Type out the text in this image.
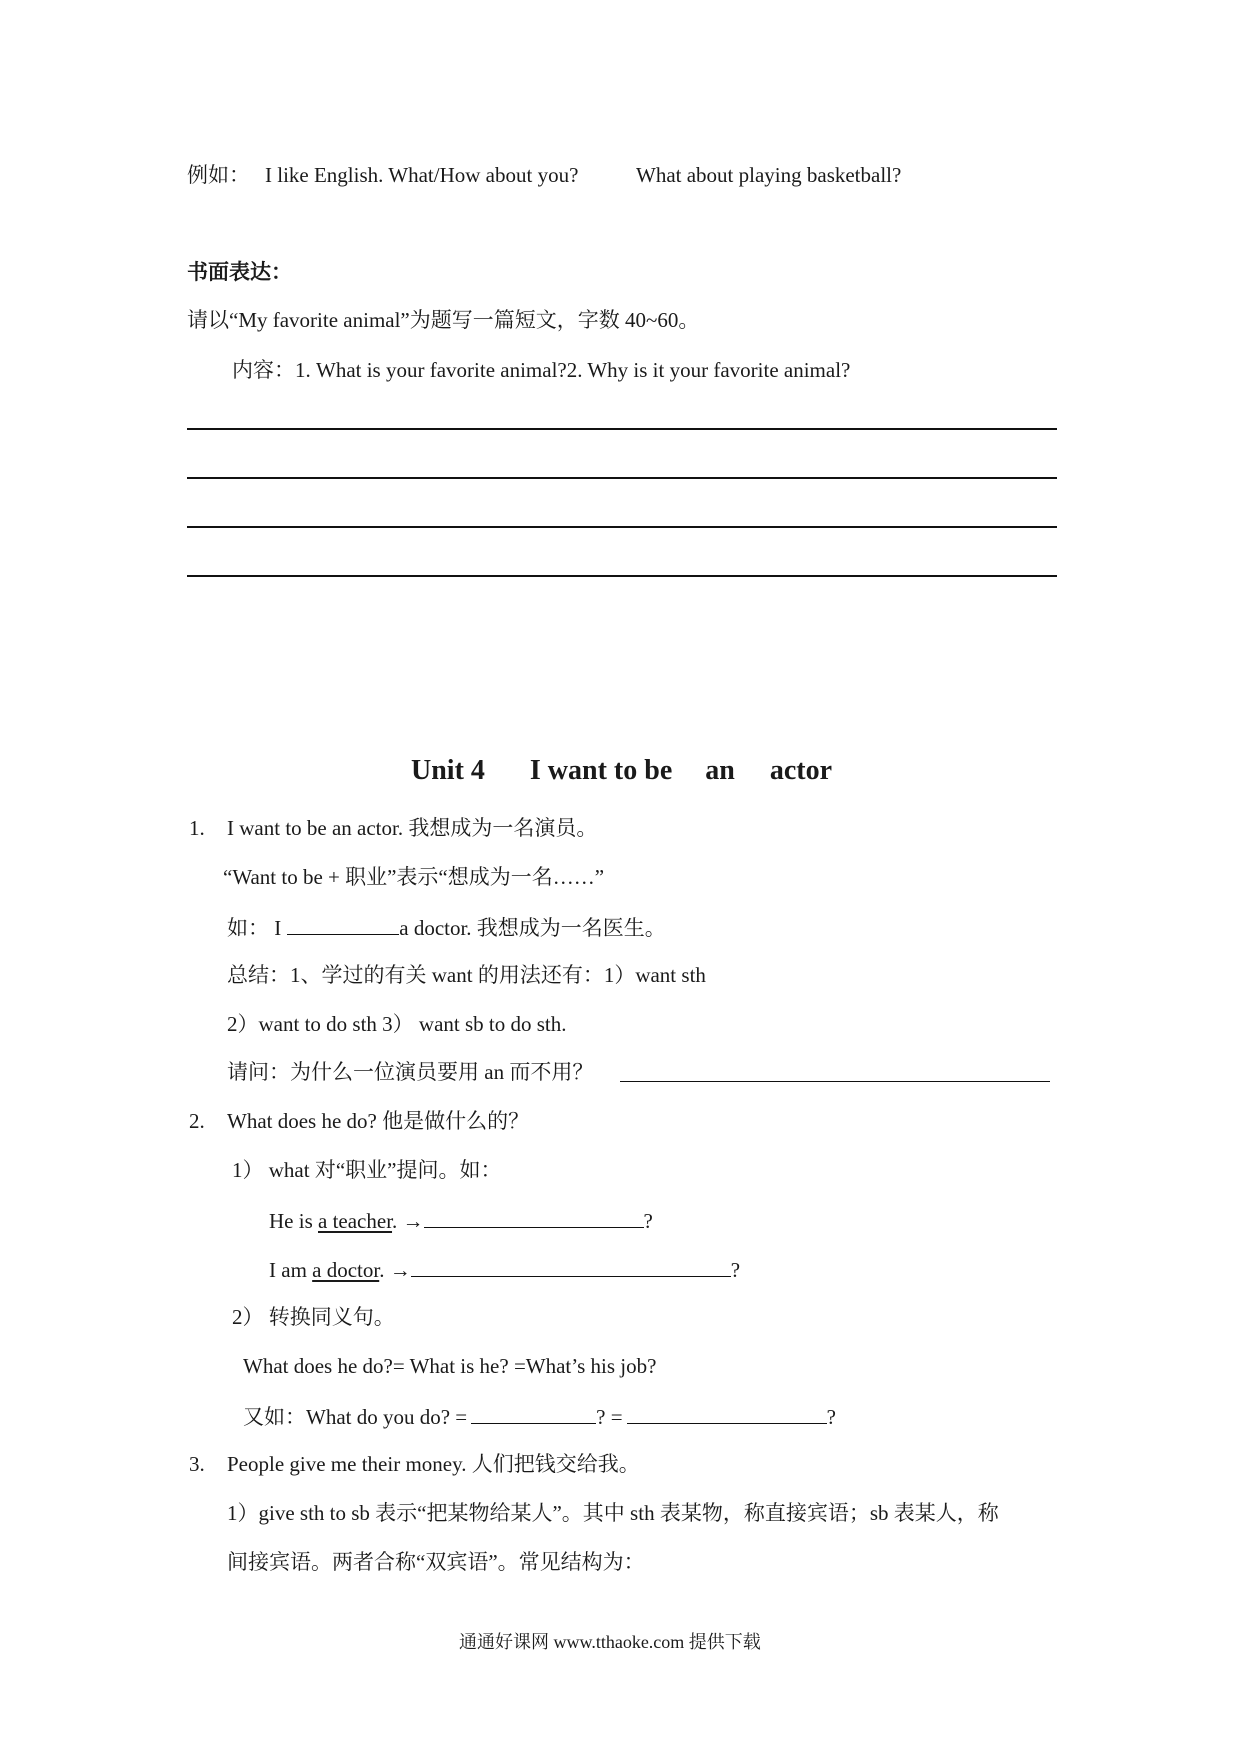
例如： I like English. What/How about you?	What about playing basketball?
书面表达：
请以“My favorite animal”为题写一篇短文，字数 40~60。
内容：1. What is your favorite animal?2. Why is it your favorite animal?
Unit 4 I want to be an actor
1. I want to be an actor. 我想成为一名演员。
“Want to be + 职业”表示“想成为一名……”
如： I	a doctor. 我想成为一名医生。
总结：1、学过的有关 want 的用法还有：1）want sth
2）want to do sth 3） want sb to do sth.
请问：为什么一位演员要用 an 而不用？
2. What does he do? 他是做什么的？
1） what 对“职业”提问。如：
He is a teacher. →	?
I am a doctor. →	?
2） 转换同义句。
What does he do?= What is he? =What’s his job?
又如：What do you do? =	? =	?
3. People give me their money. 人们把钱交给我。
1）give sth to sb 表示“把某物给某人”。其中 sth 表某物，称直接宾语；sb 表某人，称
间接宾语。两者合称“双宾语”。常见结构为：
通通好课网 www.tthaoke.com 提供下载
